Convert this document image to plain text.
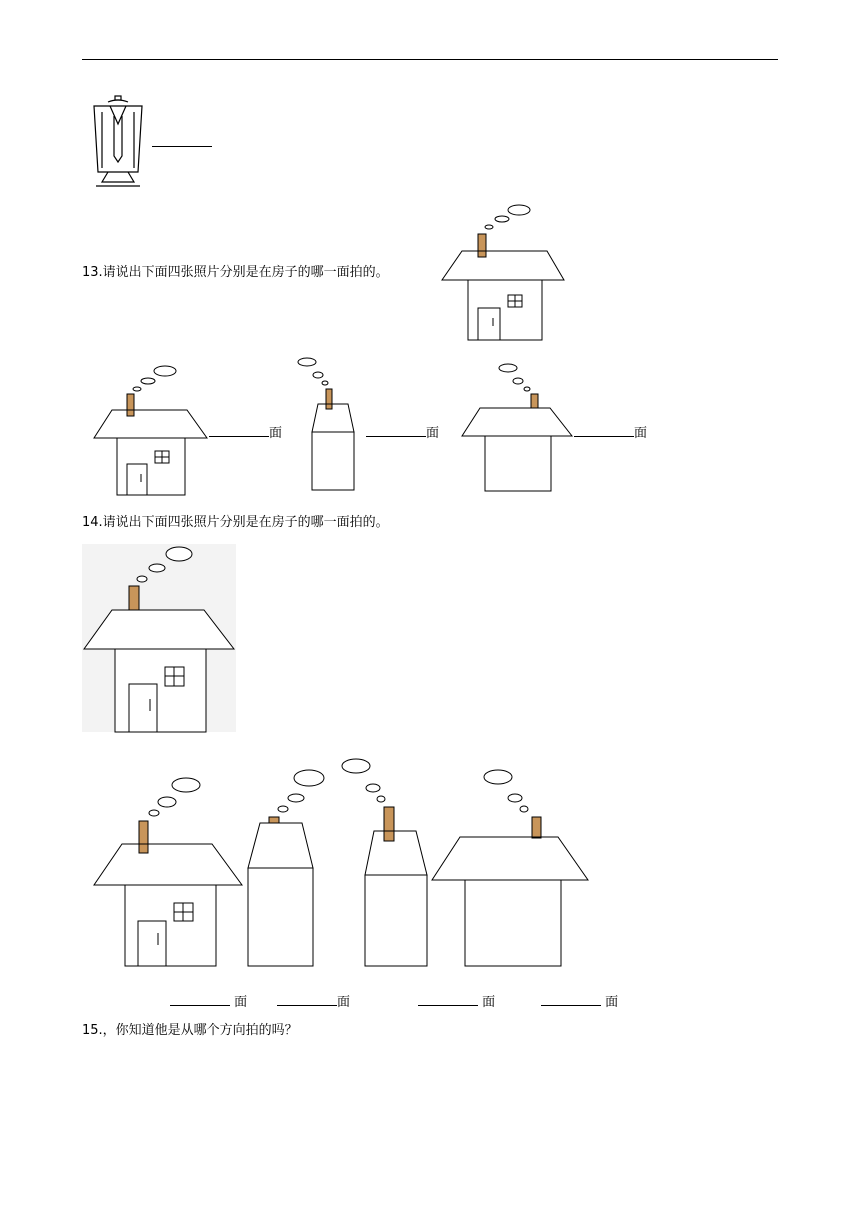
13.请说出下面四张照片分别是在房子的哪一面拍的。
面	面	面
14.请说出下面四张照片分别是在房子的哪一面拍的。
面	面	面	面
15.，你知道他是从哪个方向拍的吗？
